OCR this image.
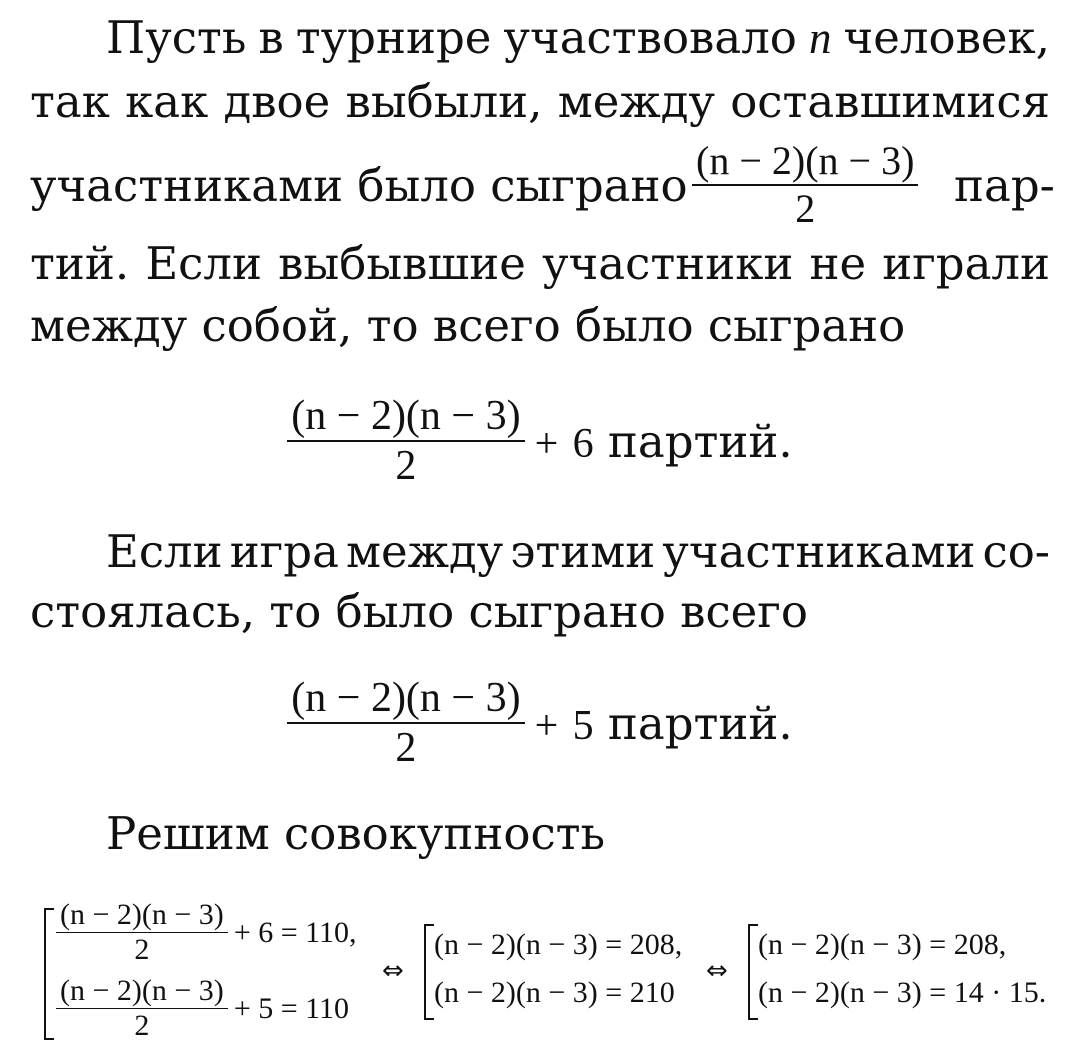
Пусть в турнире участвовало n человек,
так как двое выбыли, между оставшимися
участниками было сыграно (n − 2)(n − 3)
2	пар-
тий. Если выбывшие участники не играли
между собой, то всего было сыграно
$\frac{(n - 2)(n - 3)}{2} + 6$ партий.
Если игра между этими участниками со-
стоялась, то было сыграно всего
$\frac{(n - 2)(n - 3)}{2} + 5$ партий.
Решим совокупность
$\frac{(n - 2)(n - 3)}{2} + 6 = 110$,
$\frac{(n - 2)(n - 3)}{2} + 5 = 110$
⇔
(n − 2)(n − 3) = 208,
(n − 2)(n − 3) = 210
⇔
(n − 2)(n − 3) = 208,
(n − 2)(n − 3) = 14 · 15.
